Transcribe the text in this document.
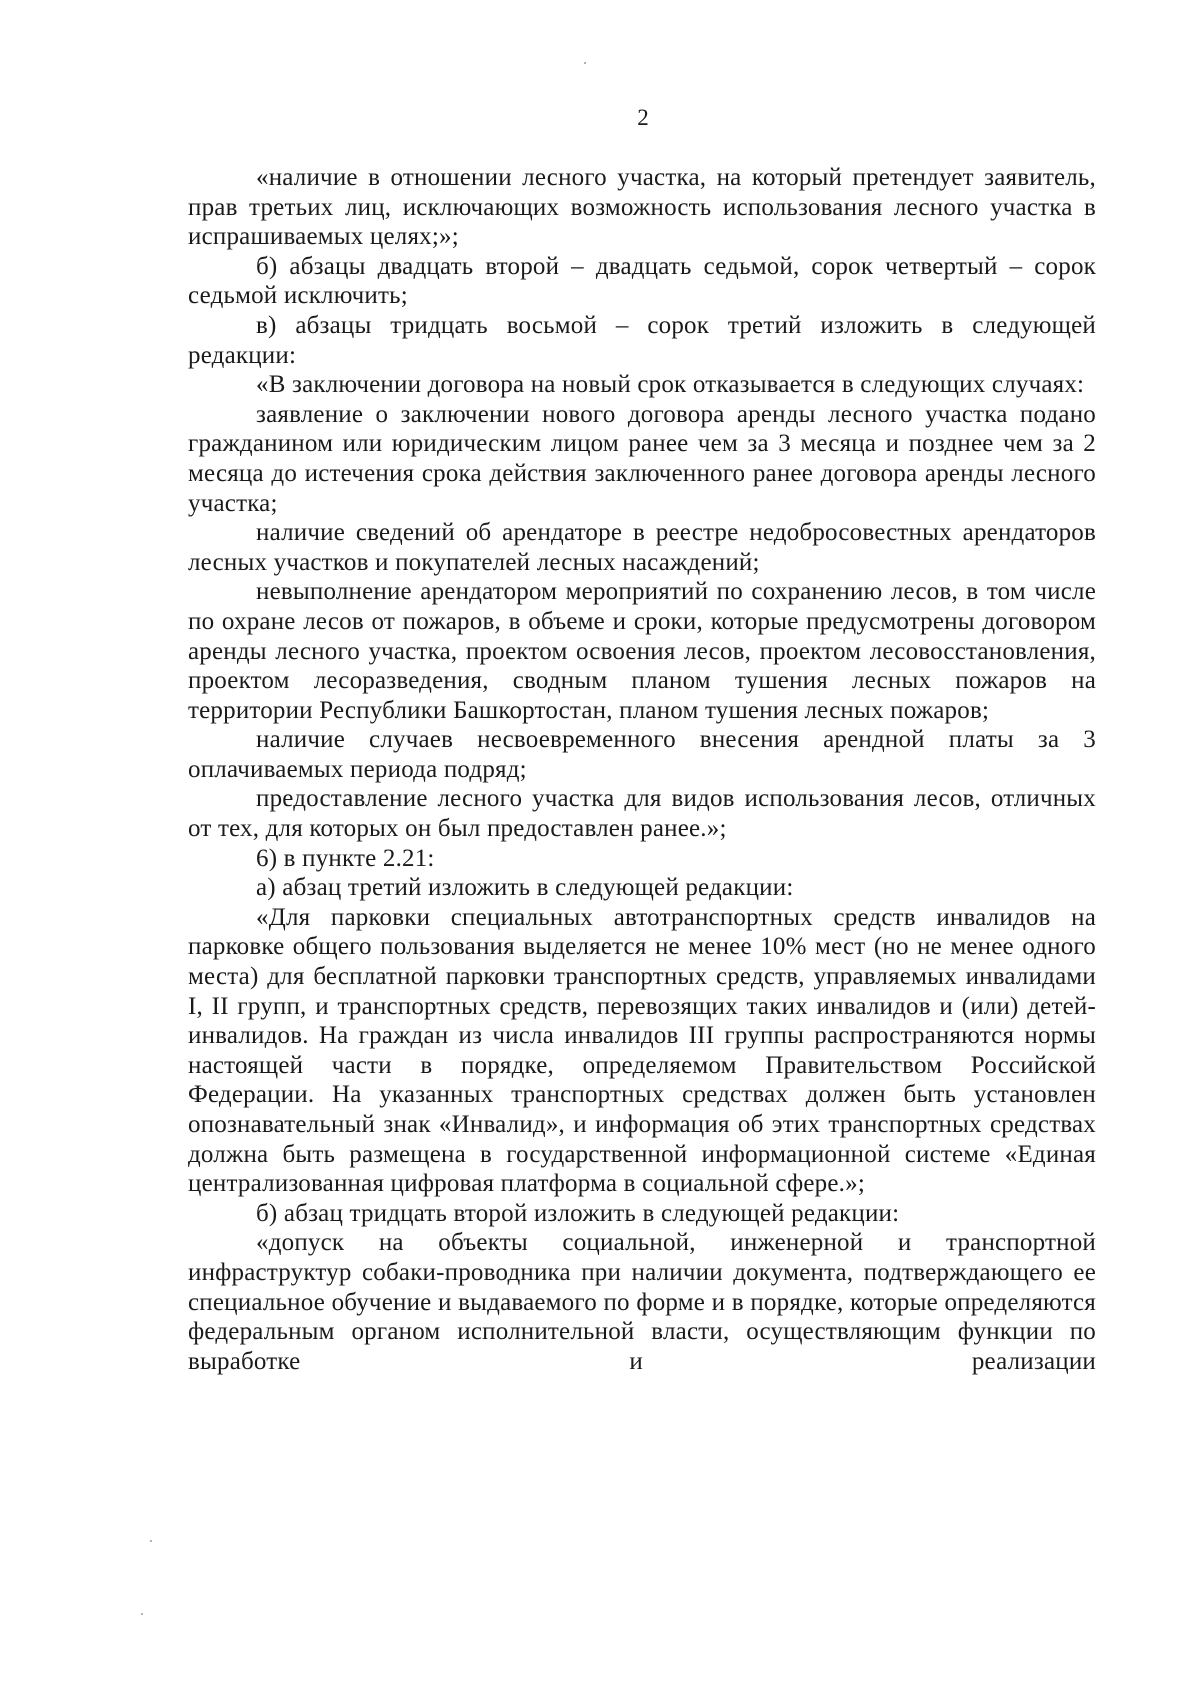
2

«наличие в отношении лесного участка, на который претендует заявитель, прав третьих лиц, исключающих возможность использования лесного участка в испрашиваемых целях;»;

б) абзацы двадцать второй – двадцать седьмой, сорок четвертый – сорок седьмой исключить;

в) абзацы тридцать восьмой – сорок третий изложить в следующей редакции:

«В заключении договора на новый срок отказывается в следующих случаях:

заявление о заключении нового договора аренды лесного участка подано гражданином или юридическим лицом ранее чем за 3 месяца и позднее чем за 2 месяца до истечения срока действия заключенного ранее договора аренды лесного участка;

наличие сведений об арендаторе в реестре недобросовестных арендаторов лесных участков и покупателей лесных насаждений;

невыполнение арендатором мероприятий по сохранению лесов, в том числе по охране лесов от пожаров, в объеме и сроки, которые предусмотрены договором аренды лесного участка, проектом освоения лесов, проектом лесовосстановления, проектом лесоразведения, сводным планом тушения лесных пожаров на территории Республики Башкортостан, планом тушения лесных пожаров;

наличие случаев несвоевременного внесения арендной платы за 3 оплачиваемых периода подряд;

предоставление лесного участка для видов использования лесов, отличных от тех, для которых он был предоставлен ранее.»;

6) в пункте 2.21:

а) абзац третий изложить в следующей редакции:

«Для парковки специальных автотранспортных средств инвалидов на парковке общего пользования выделяется не менее 10% мест (но не менее одного места) для бесплатной парковки транспортных средств, управляемых инвалидами I, II групп, и транспортных средств, перевозящих таких инвалидов и (или) детей-инвалидов. На граждан из числа инвалидов III группы распространяются нормы настоящей части в порядке, определяемом Правительством Российской Федерации. На указанных транспортных средствах должен быть установлен опознавательный знак «Инвалид», и информация об этих транспортных средствах должна быть размещена в государственной информационной системе «Единая централизованная цифровая платформа в социальной сфере.»;

б) абзац тридцать второй изложить в следующей редакции:

«допуск на объекты социальной, инженерной и транспортной инфраструктур собаки-проводника при наличии документа, подтверждающего ее специальное обучение и выдаваемого по форме и в порядке, которые определяются федеральным органом исполнительной власти, осуществляющим функции по выработке и реализации
